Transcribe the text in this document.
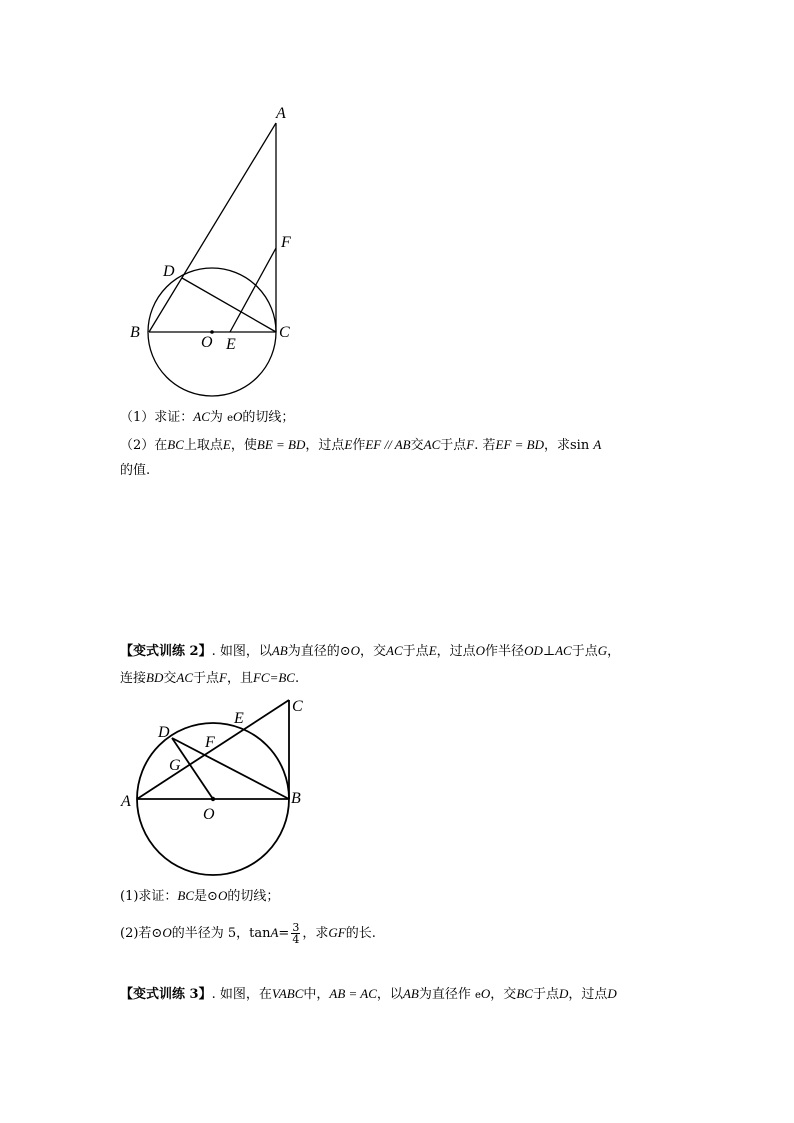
A
F
D
B	C
O E
（1）求证：AC为 eO的切线；
（2）在BC上取点E，使BE = BD，过点E作EF // AB交AC于点F. 若EF = BD，求sin A
的值.
【变式训练 2】. 如图，以AB为直径的⊙O，交AC于点E，过点O作半径OD⊥AC于点G，
连接BD交AC于点F，且FC=BC.
C
E
D
F
G
A	B
O
(1)求证：BC是⊙O的切线；
(2)若⊙O的半径为 5，$\tan A= \frac{3}{4}$ ，求GF的长.
【变式训练 3】. 如图，在VABC中，AB = AC，以AB为直径作 eO，交BC于点D，过点D
